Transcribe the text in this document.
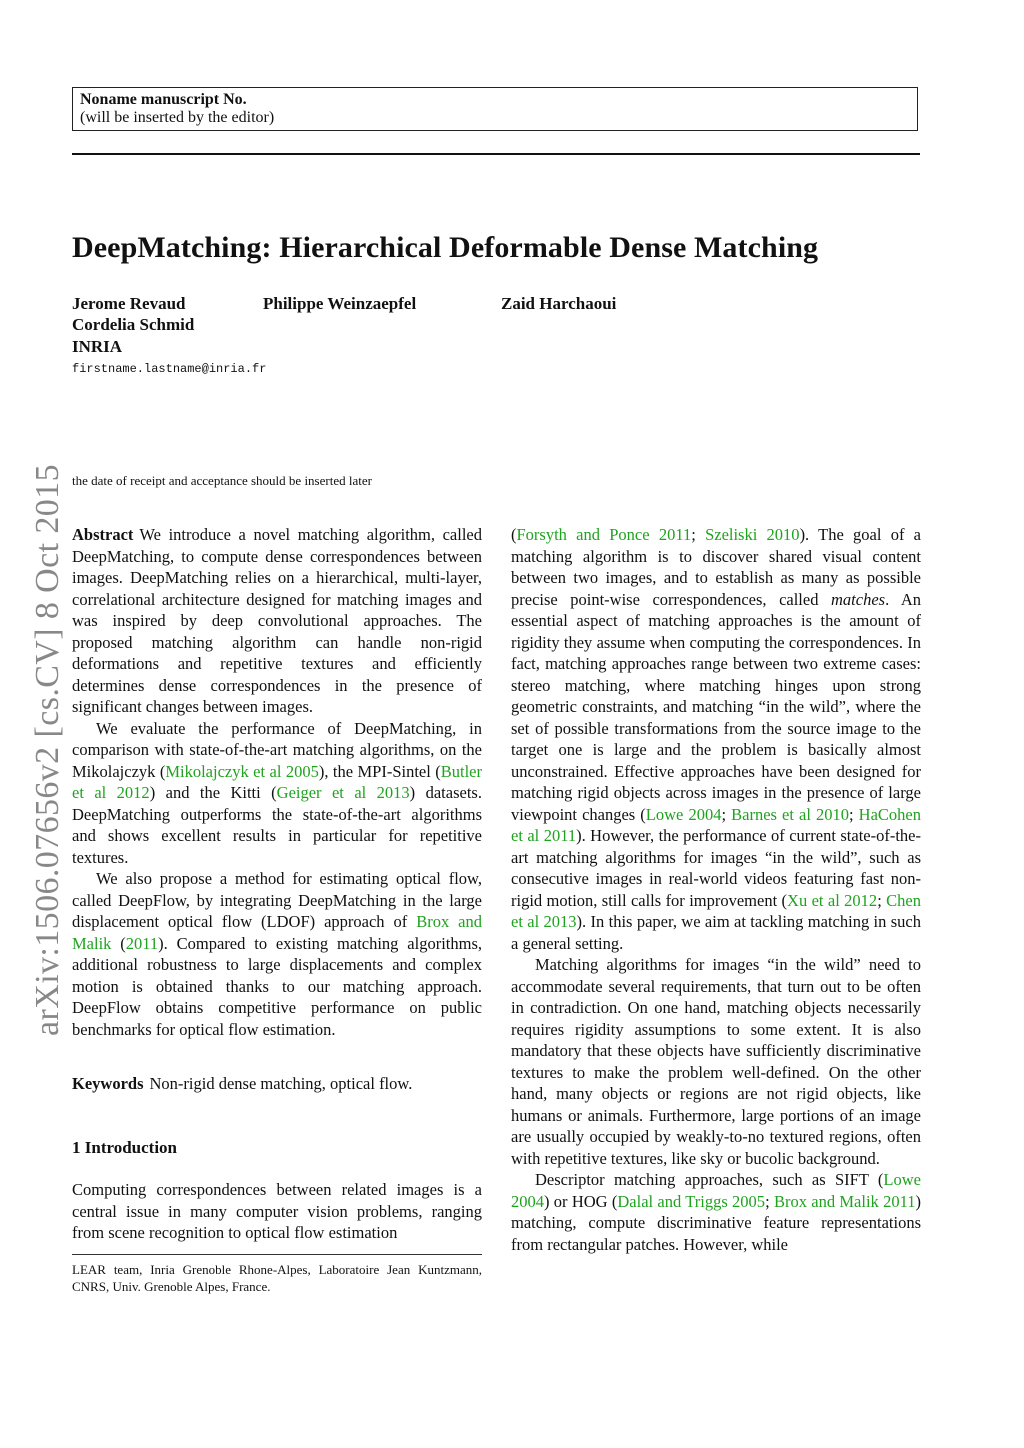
Noname manuscript No.
(will be inserted by the editor)
DeepMatching: Hierarchical Deformable Dense Matching
Jerome Revaud	Philippe Weinzaepfel	Zaid Harchaoui
Cordelia Schmid
INRIA
firstname.lastname@inria.fr
the date of receipt and acceptance should be inserted later
arXiv:1506.07656v2 [cs.CV] 8 Oct 2015 Abstract We introduce a novel matching algorithm, called DeepMatching, to compute dense correspondences between images. DeepMatching relies on a hierarchical, multi-layer, correlational architecture designed for matching images and was inspired by deep convolutional approaches. The proposed matching algorithm can handle non-rigid deformations and repetitive textures and efficiently determines dense correspondences in the presence of significant changes between images.

We evaluate the performance of DeepMatching, in comparison with state-of-the-art matching algorithms, on the Mikolajczyk (Mikolajczyk et al 2005), the MPI-Sintel (Butler et al 2012) and the Kitti (Geiger et al 2013) datasets. DeepMatching outperforms the state-of-the-art algorithms and shows excellent results in particular for repetitive textures.

We also propose a method for estimating optical flow, called DeepFlow, by integrating DeepMatching in the large displacement optical flow (LDOF) approach of Brox and Malik (2011). Compared to existing matching algorithms, additional robustness to large displacements and complex motion is obtained thanks to our matching approach. DeepFlow obtains competitive performance on public benchmarks for optical flow estimation.

Keywords Non-rigid dense matching, optical flow.
1 Introduction
Computing correspondences between related images is a central issue in many computer vision problems, ranging from scene recognition to optical flow estimation
LEAR team, Inria Grenoble Rhone-Alpes, Laboratoire Jean Kuntzmann, CNRS, Univ. Grenoble Alpes, France.

(Forsyth and Ponce 2011; Szeliski 2010). The goal of a matching algorithm is to discover shared visual content between two images, and to establish as many as possible precise point-wise correspondences, called matches. An essential aspect of matching approaches is the amount of rigidity they assume when computing the correspondences. In fact, matching approaches range between two extreme cases: stereo matching, where matching hinges upon strong geometric constraints, and matching “in the wild”, where the set of possible transformations from the source image to the target one is large and the problem is basically almost unconstrained. Effective approaches have been designed for matching rigid objects across images in the presence of large viewpoint changes (Lowe 2004; Barnes et al 2010; HaCohen et al 2011). However, the performance of current state-of-the-art matching algorithms for images “in the wild”, such as consecutive images in real-world videos featuring fast non-rigid motion, still calls for improvement (Xu et al 2012; Chen et al 2013). In this paper, we aim at tackling matching in such a general setting.

Matching algorithms for images “in the wild” need to accommodate several requirements, that turn out to be often in contradiction. On one hand, matching objects necessarily requires rigidity assumptions to some extent. It is also mandatory that these objects have sufficiently discriminative textures to make the problem well-defined. On the other hand, many objects or regions are not rigid objects, like humans or animals. Furthermore, large portions of an image are usually occupied by weakly-to-no textured regions, often with repetitive textures, like sky or bucolic background.

Descriptor matching approaches, such as SIFT (Lowe 2004) or HOG (Dalal and Triggs 2005; Brox and Malik 2011) matching, compute discriminative feature representations from rectangular patches. However, while
